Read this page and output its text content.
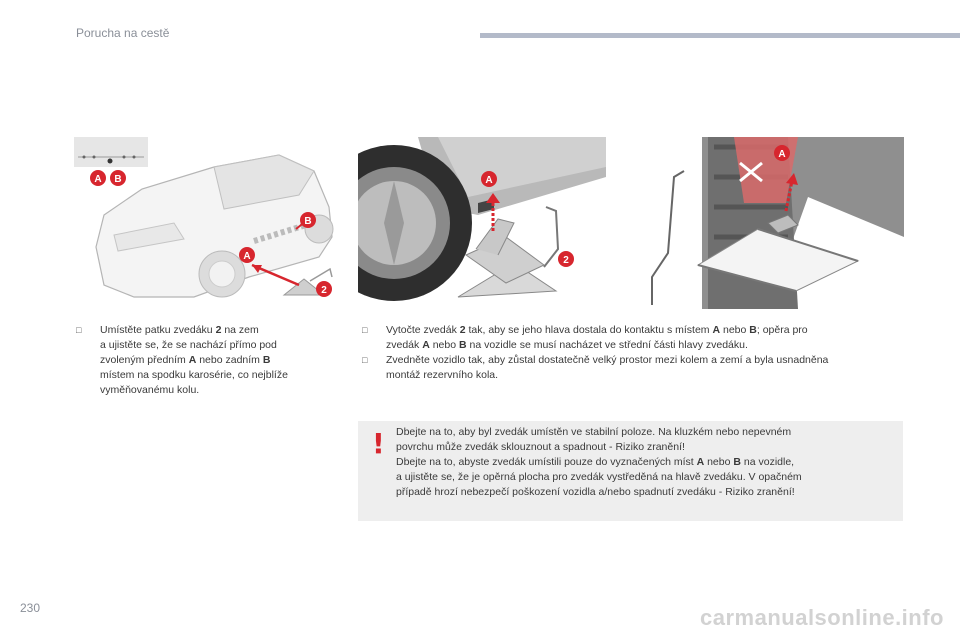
Porucha na cestě
A B
B
A
2
A
2
A
□ Umístěte patku zvedáku 2 na zem
a ujistěte se, že se nachází přímo pod
zvoleným předním A nebo zadním B
místem na spodku karosérie, co nejblíže
vyměňovanému kolu.
□ Vytočte zvedák 2 tak, aby se jeho hlava dostala do kontaktu s místem A nebo B; opěra pro
zvedák A nebo B na vozidle se musí nacházet ve střední části hlavy zvedáku.
□ Zvedněte vozidlo tak, aby zůstal dostatečně velký prostor mezi kolem a zemí a byla usnadněna
montáž rezervního kola.
! Dbejte na to, aby byl zvedák umístěn ve stabilní poloze. Na kluzkém nebo nepevném
povrchu může zvedák sklouznout a spadnout - Riziko zranění!
Dbejte na to, abyste zvedák umístili pouze do vyznačených míst A nebo B na vozidle,
a ujistěte se, že je opěrná plocha pro zvedák vystředěná na hlavě zvedáku. V opačném
případě hrozí nebezpečí poškození vozidla a/nebo spadnutí zvedáku - Riziko zranění!
230	carmanualsonline.info
